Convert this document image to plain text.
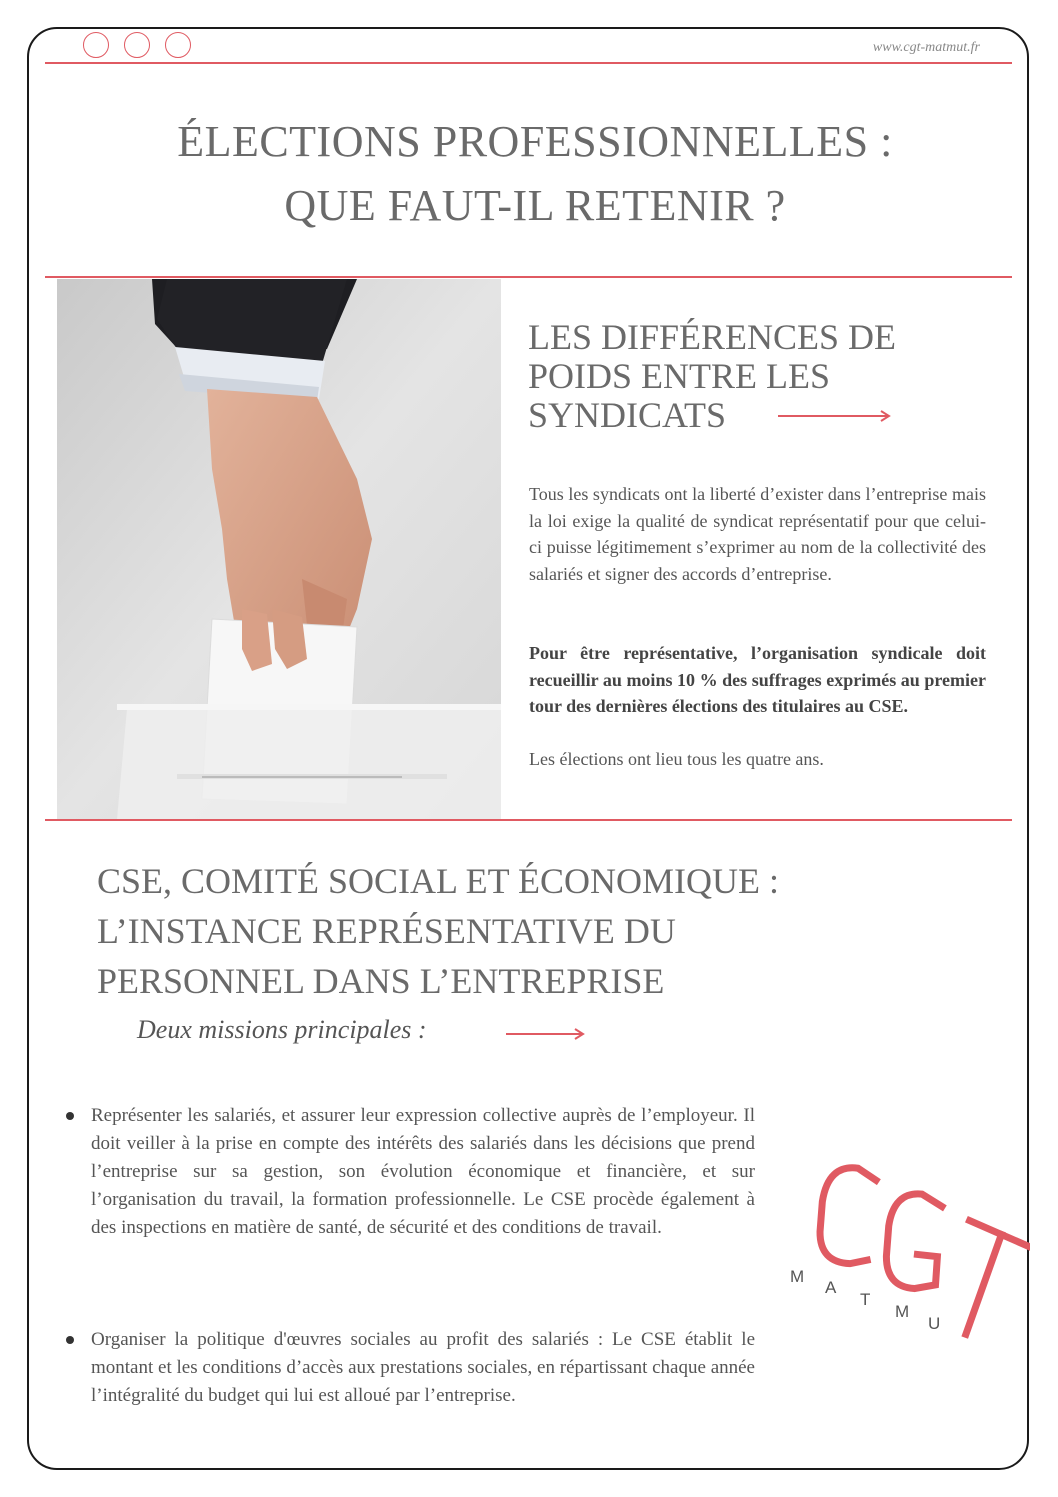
www.cgt-matmut.fr
ÉLECTIONS PROFESSIONNELLES :
QUE FAUT-IL RETENIR ?
LES DIFFÉRENCES DE
POIDS ENTRE LES
SYNDICATS
Tous les syndicats ont la liberté d’exister dans l’entreprise mais la loi exige la qualité de syndicat représentatif pour que celui-ci puisse légitimement s’exprimer au nom de la collectivité des salariés et signer des accords d’entreprise.
Pour être représentative, l’organisation syndicale doit recueillir au moins 10 % des suffrages exprimés au premier tour des dernières élections des titulaires au CSE.
Les élections ont lieu tous les quatre ans.
CSE, COMITÉ SOCIAL ET ÉCONOMIQUE :
L’INSTANCE REPRÉSENTATIVE DU
PERSONNEL DANS L’ENTREPRISE
Deux missions principales :
Représenter les salariés, et assurer leur expression collective auprès de l’employeur. Il doit veiller à la prise en compte des intérêts des salariés dans les décisions que prend l’entreprise sur sa gestion, son évolution économique et financière, et sur l’organisation du travail, la formation professionnelle. Le CSE procède également à des inspections en matière de santé, de sécurité et des conditions de travail.
Organiser la politique d'œuvres sociales au profit des salariés : Le CSE établit le montant et les conditions d’accès aux prestations sociales, en répartissant chaque année l’intégralité du budget qui lui est alloué par l’entreprise.
M
A
T
M
U
